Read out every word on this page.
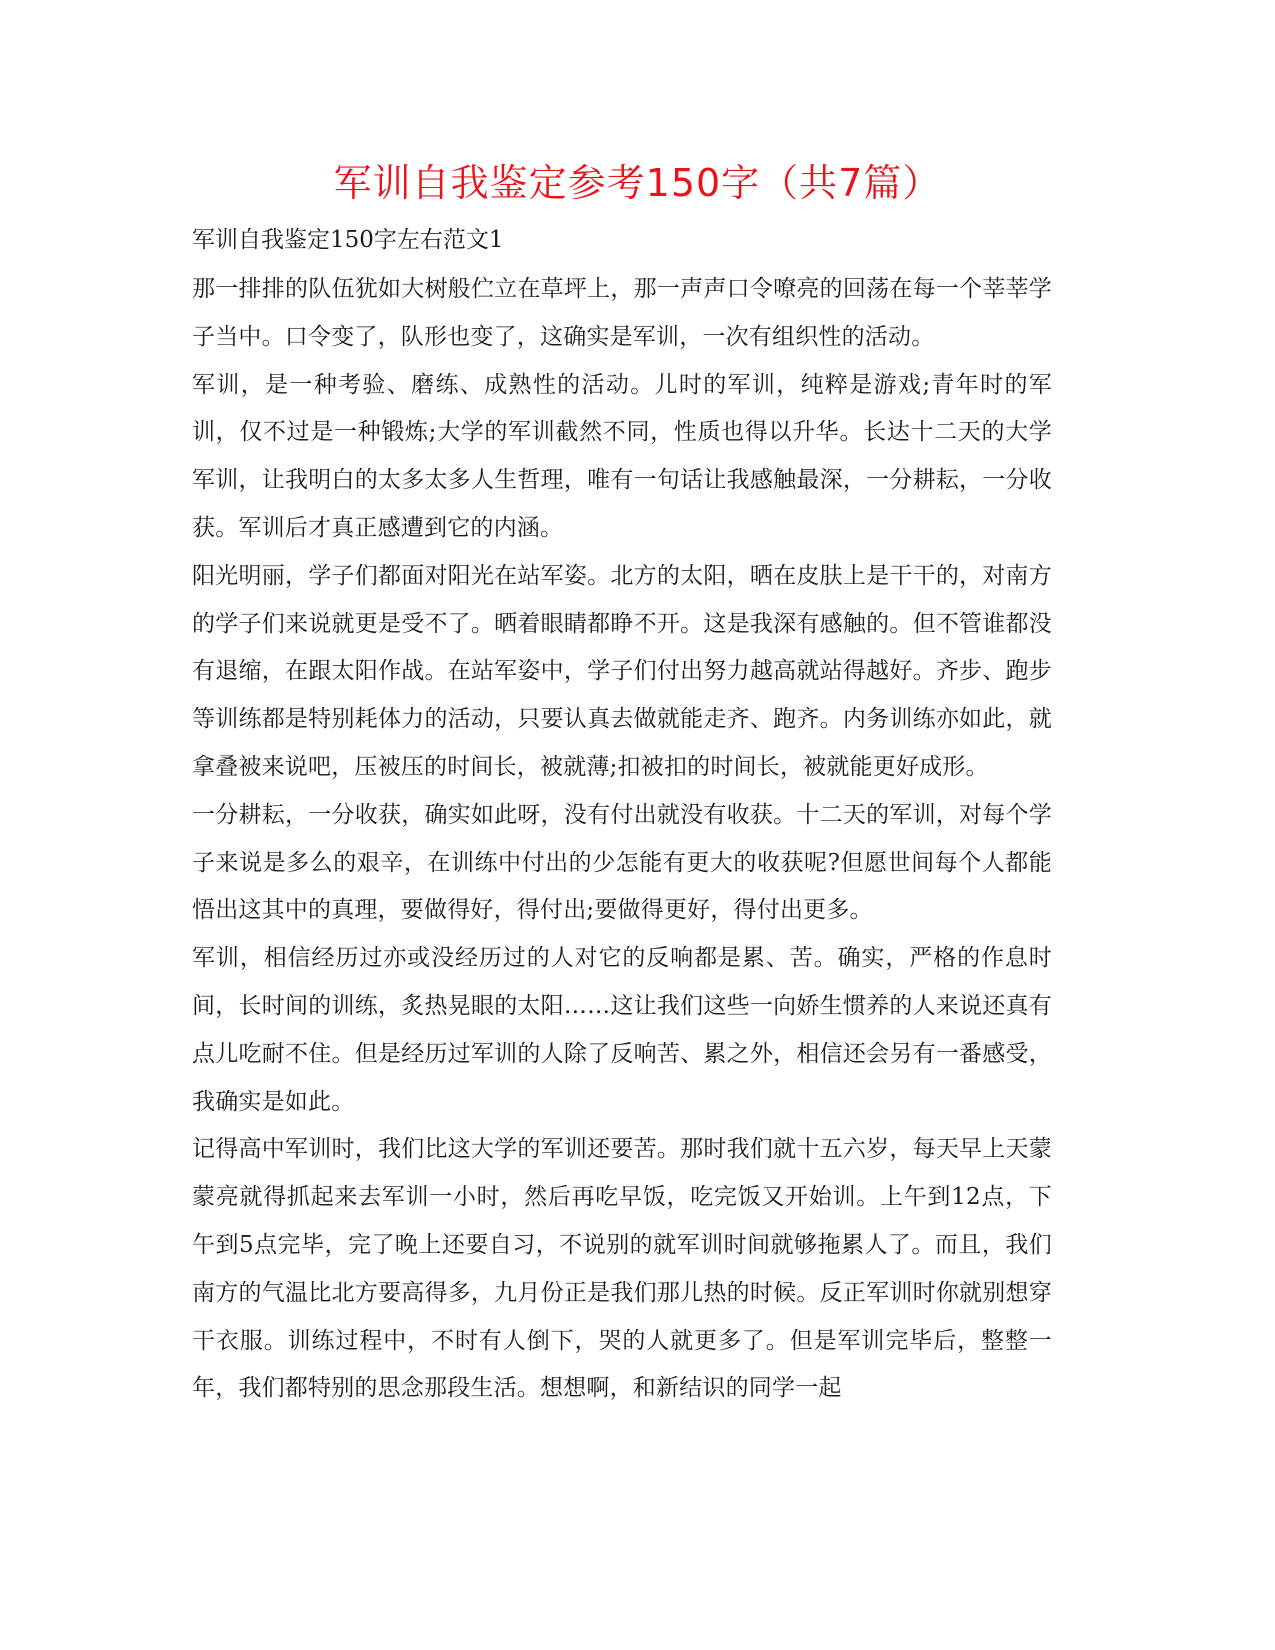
军训自我鉴定参考150字（共7篇）
军训自我鉴定150字左右范文1

那一排排的队伍犹如大树般伫立在草坪上，那一声声口令嘹亮的回荡在每一个莘莘学子当中。口令变了，队形也变了，这确实是军训，一次有组织性的活动。

军训，是一种考验、磨练、成熟性的活动。儿时的军训，纯粹是游戏;青年时的军训，仅不过是一种锻炼;大学的军训截然不同，性质也得以升华。长达十二天的大学军训，让我明白的太多太多人生哲理，唯有一句话让我感触最深，一分耕耘，一分收获。军训后才真正感遭到它的内涵。

阳光明丽，学子们都面对阳光在站军姿。北方的太阳，晒在皮肤上是干干的，对南方的学子们来说就更是受不了。晒着眼睛都睁不开。这是我深有感触的。但不管谁都没有退缩，在跟太阳作战。在站军姿中，学子们付出努力越高就站得越好。齐步、跑步等训练都是特别耗体力的活动，只要认真去做就能走齐、跑齐。内务训练亦如此，就拿叠被来说吧，压被压的时间长，被就薄;扣被扣的时间长，被就能更好成形。

一分耕耘，一分收获，确实如此呀，没有付出就没有收获。十二天的军训，对每个学子来说是多么的艰辛，在训练中付出的少怎能有更大的收获呢?但愿世间每个人都能悟出这其中的真理，要做得好，得付出;要做得更好，得付出更多。

军训，相信经历过亦或没经历过的人对它的反响都是累、苦。确实，严格的作息时间，长时间的训练，炙热晃眼的太阳……这让我们这些一向娇生惯养的人来说还真有点儿吃耐不住。但是经历过军训的人除了反响苦、累之外，相信还会另有一番感受，我确实是如此。

记得高中军训时，我们比这大学的军训还要苦。那时我们就十五六岁，每天早上天蒙蒙亮就得抓起来去军训一小时，然后再吃早饭，吃完饭又开始训。上午到12点，下午到5点完毕，完了晚上还要自习，不说别的就军训时间就够拖累人了。而且，我们南方的气温比北方要高得多，九月份正是我们那儿热的时候。反正军训时你就别想穿干衣服。训练过程中，不时有人倒下，哭的人就更多了。但是军训完毕后，整整一年，我们都特别的思念那段生活。想想啊，和新结识的同学一起
